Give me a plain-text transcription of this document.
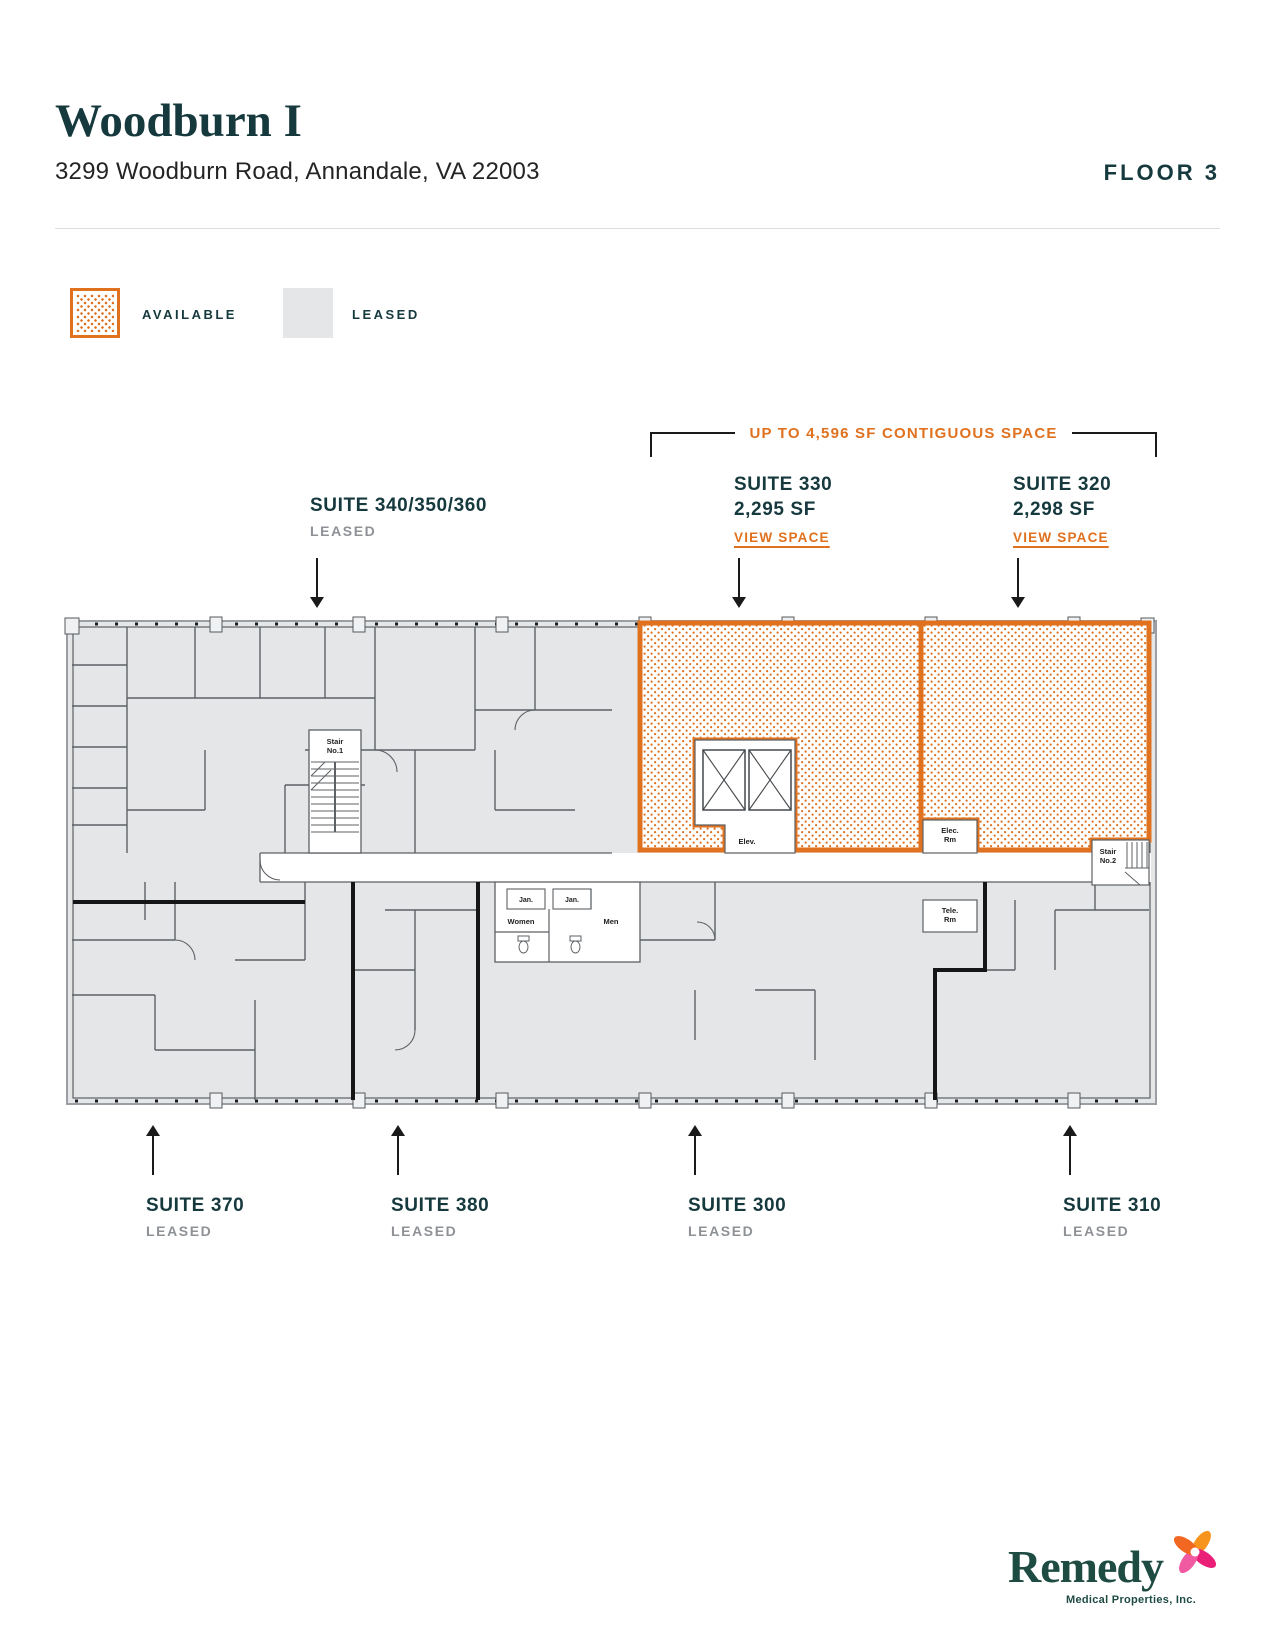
Woodburn I
3299 Woodburn Road, Annandale, VA 22003	FLOOR 3
AVAILABLE	LEASED
UP TO 4,596 SF CONTIGUOUS SPACE
SUITE 340/350/360
LEASED
SUITE 330
2,295 SF
VIEW SPACE
SUITE 320
2,298 SF
VIEW SPACE
Elev.
Stair
No.1
Elec.
Rm
Tele.
Rm
Stair
No.2
Jan.	Jan.
Women	Men
SUITE 370
LEASED
SUITE 380
LEASED
SUITE 300
LEASED
SUITE 310
LEASED
Remedy
Medical Properties, Inc.
